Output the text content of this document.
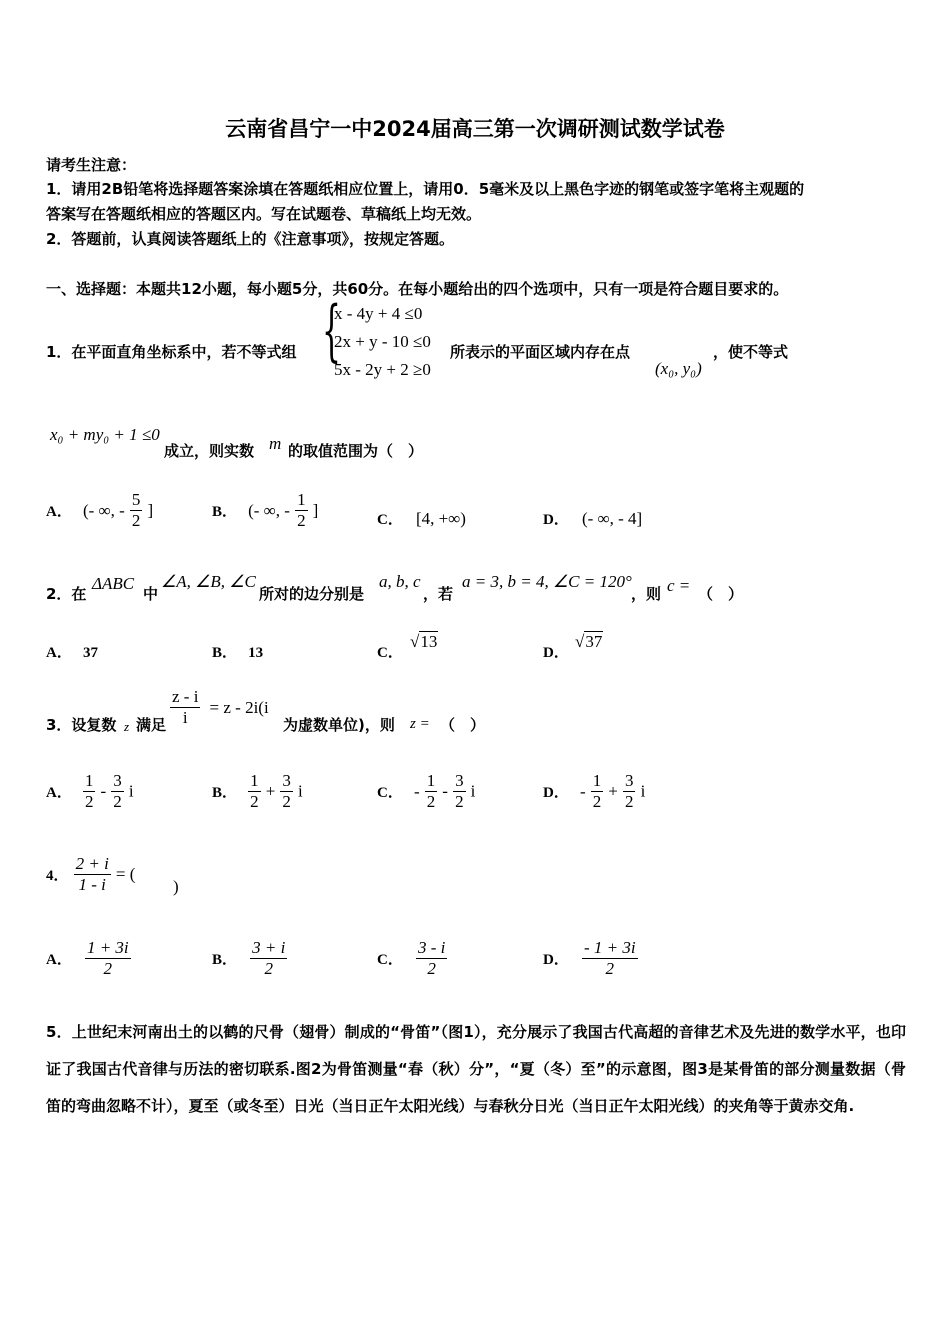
云南省昌宁一中2024届高三第一次调研测试数学试卷
请考生注意：
1．请用2B铅笔将选择题答案涂填在答题纸相应位置上，请用0．5毫米及以上黑色字迹的钢笔或签字笔将主观题的
答案写在答题纸相应的答题区内。写在试题卷、草稿纸上均无效。
2．答题前，认真阅读答题纸上的《注意事项》，按规定答题。
一、选择题：本题共12小题，每小题5分，共60分。在每小题给出的四个选项中，只有一项是符合题目要求的。
1．在平面直角坐标系中，若不等式组 {
x - 4y + 4 ≤0
2x + y - 10 ≤0
5x - 2y + 2 ≥0
所表示的平面区域内存在点
(x₀, y₀)
，使不等式
x₀ + my₀ + 1 ≤0
成立，则实数 m 的取值范围为（　）
A． (- ∞, - $\frac{5}{2}$ ]	B． (- ∞, - $\frac{1}{2}$ ]
C． [4, +∞)	D． (- ∞, - 4]
2．在
ΔABC
中
∠A, ∠B, ∠C
所对的边分别是
a, b, c
，若
a = 3, b = 4, ∠C = 120°
，则 c = （　）
A． 37	B． 13	C．
√13
D．
√37
3．设复数 z 满足 $\frac{z - i}{i} = z - 2i(i$
为虚数单位)，则 z = （　）
A． $\frac{1}{2} - \frac{3}{2}$ i	B． $\frac{1}{2} + \frac{3}{2}$ i	C． - $\frac{1}{2} - \frac{3}{2}$ i	D． - $\frac{1}{2} + \frac{3}{2}$ i
4． $\frac{2 + i}{1 - i}$ = (
)
A． $\frac{1 + 3i}{2}$	B． $\frac{3 + i}{2}$	C． $\frac{3 - i}{2}$	D． $\frac{- 1 + 3i}{2}$
5．上世纪末河南出土的以鹤的尺骨（翅骨）制成的“骨笛”（图1），充分展示了我国古代高超的音律艺术及先进的数学水平，也印证了我国古代音律与历法的密切联系.图2为骨笛测量“春（秋）分”，“夏（冬）至”的示意图，图3是某骨笛的部分测量数据（骨笛的弯曲忽略不计），夏至（或冬至）日光（当日正午太阳光线）与春秋分日光（当日正午太阳光线）的夹角等于黄赤交角.
